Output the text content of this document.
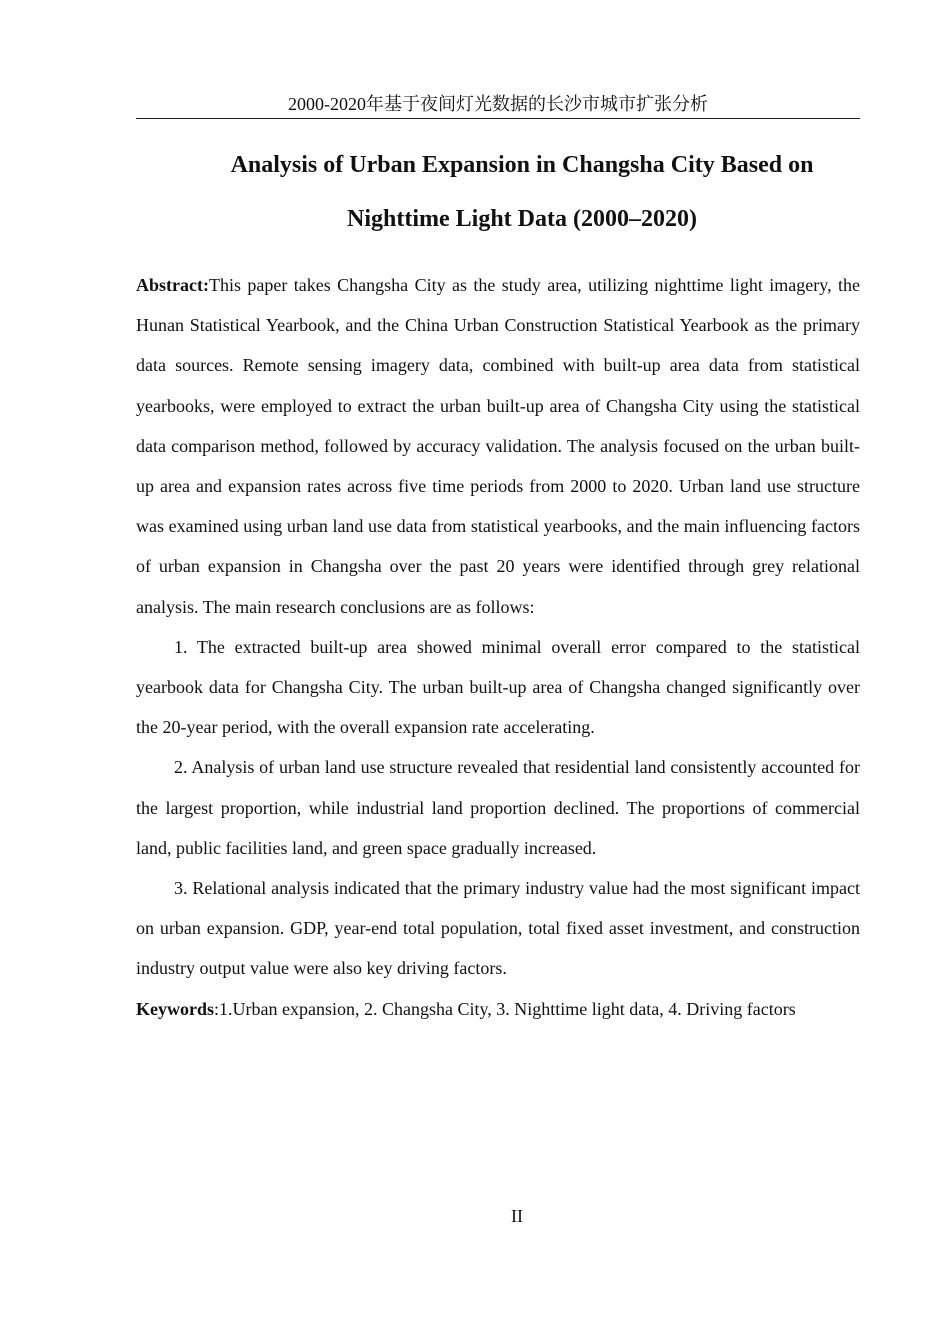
2000-2020年基于夜间灯光数据的长沙市城市扩张分析
Analysis of Urban Expansion in Changsha City Based on
Nighttime Light Data (2000–2020)

Abstract:This paper takes Changsha City as the study area, utilizing nighttime light imagery, the Hunan Statistical Yearbook, and the China Urban Construction Statistical Yearbook as the primary data sources. Remote sensing imagery data, combined with built-up area data from statistical yearbooks, were employed to extract the urban built-up area of Changsha City using the statistical data comparison method, followed by accuracy validation. The analysis focused on the urban built-up area and expansion rates across five time periods from 2000 to 2020. Urban land use structure was examined using urban land use data from statistical yearbooks, and the main influencing factors of urban expansion in Changsha over the past 20 years were identified through grey relational analysis. The main research conclusions are as follows:

1. The extracted built-up area showed minimal overall error compared to the statistical yearbook data for Changsha City. The urban built-up area of Changsha changed significantly over the 20-year period, with the overall expansion rate accelerating.

2. Analysis of urban land use structure revealed that residential land consistently accounted for the largest proportion, while industrial land proportion declined. The proportions of commercial land, public facilities land, and green space gradually increased.

3. Relational analysis indicated that the primary industry value had the most significant impact on urban expansion. GDP, year-end total population, total fixed asset investment, and construction industry output value were also key driving factors.

Keywords:1.Urban expansion, 2. Changsha City, 3. Nighttime light data, 4. Driving factors

II
